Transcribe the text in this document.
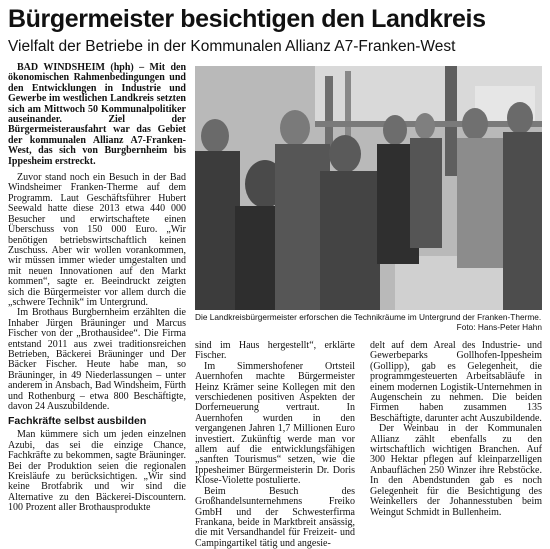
Bürgermeister besichtigen den Landkreis
Vielfalt der Betriebe in der Kommunalen Allianz A7-Franken-West

BAD WINDSHEIM (hph) – Mit den ökonomischen Rahmenbedingungen und den Entwicklungen in Industrie und Gewerbe im westlichen Landkreis setzten sich am Mittwoch 50 Kommunalpolitiker auseinander. Ziel der Bürgermeisterausfahrt war das Gebiet der kommunalen Allianz A7-Franken-West, das sich von Burgbernheim bis Ippesheim erstreckt.

Zuvor stand noch ein Besuch in der Bad Windsheimer Franken-Therme auf dem Programm. Laut Geschäftsführer Hubert Seewald hatte diese 2013 etwa 440 000 Besucher und erwirtschaftete einen Überschuss von 150 000 Euro. „Wir benötigen betriebswirtschaftlich keinen Zuschuss. Aber wir wollen vorankommen, wir müssen immer wieder umgestalten und mit neuen Innovationen auf den Markt kommen“, sagte er. Beeindruckt zeigten sich die Bürgermeister vor allem durch die „schwere Technik“ im Untergrund.

Im Brothaus Burgbernheim erzählten die Inhaber Jürgen Bräuninger und Marcus Fischer von der „Brothausidee“. Die Firma entstand 2011 aus zwei traditionsreichen Betrieben, Bäckerei Bräuninger und Der Bäcker Fischer. Heute habe man, so Bräuninger, in 49 Niederlassungen – unter anderem in Ansbach, Bad Windsheim, Fürth und Rothenburg – etwa 800 Beschäftigte, davon 24 Auszubildende.

Fachkräfte selbst ausbilden

Man kümmere sich um jeden einzelnen Azubi, das sei die einzige Chance, Fachkräfte zu bekommen, sagte Bräuninger. Bei der Produktion seien die regionalen Kreisläufe zu berücksichtigen. „Wir sind keine Brotfabrik und wir sind die Alternative zu den Bäckerei-Discountern. 100 Prozent aller Brothausprodukte

Die Landkreisbürgermeister erforschen die Technikräume im Untergrund der Franken-Therme.
Foto: Hans-Peter Hahn

sind im Haus hergestellt“, erklärte Fischer.

Im Simmershofener Ortsteil Auernhofen machte Bürgermeister Heinz Krämer seine Kollegen mit den verschiedenen positiven Aspekten der Dorferneuerung vertraut. In Auernhofen wurden in den vergangenen Jahren 1,7 Millionen Euro investiert. Zukünftig werde man vor allem auf die entwicklungsfähigen „sanften Tourismus“ setzen, wie die Ippesheimer Bürgermeisterin Dr. Doris Klose-Violette postulierte.

Beim Besuch des Großhandelsunternehmens Freiko GmbH und der Schwesterfirma Frankana, beide in Marktbreit ansässig, die mit Versandhandel für Freizeit- und Campingartikel tätig und angesie-

delt auf dem Areal des Industrie- und Gewerbeparks Gollhofen-Ippesheim (Gollipp), gab es Gelegenheit, die programmgesteuerten Arbeitsabläufe in einem modernen Logistik-Unternehmen in Augenschein zu nehmen. Die beiden Firmen haben zusammen 135 Beschäftigte, darunter acht Auszubildende.

Der Weinbau in der Kommunalen Allianz zählt ebenfalls zu den wirtschaftlich wichtigen Branchen. Auf 300 Hektar pflegen auf kleinparzelligen Anbauflächen 250 Winzer ihre Rebstöcke. In den Abendstunden gab es noch Gelegenheit für die Besichtigung des Weinkellers der Johannesstuben beim Weingut Schmidt in Bullenheim.
